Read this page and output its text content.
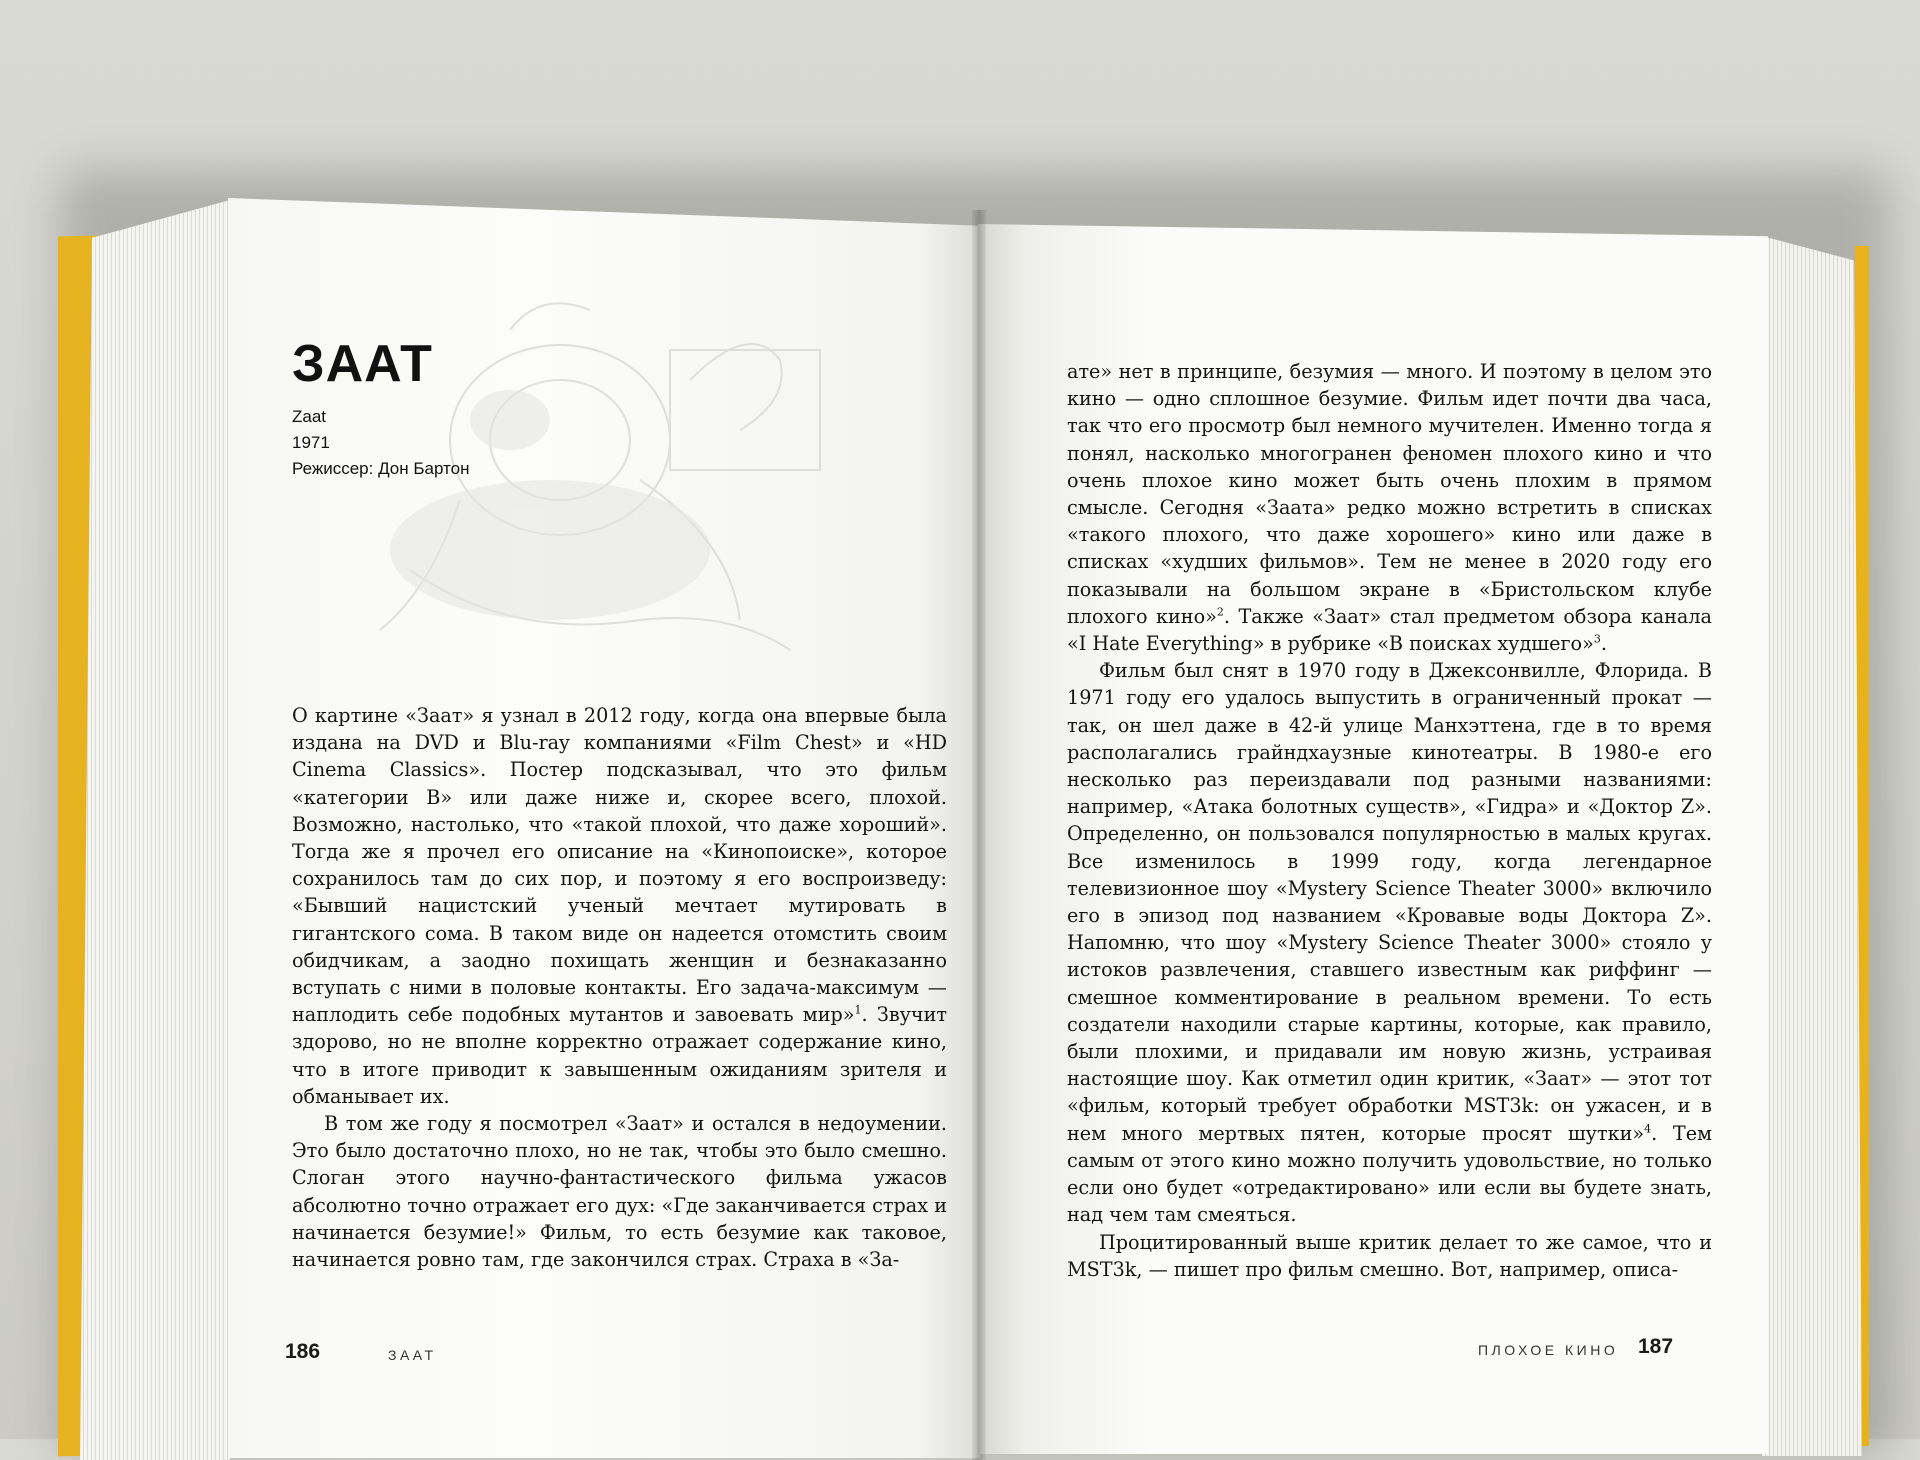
ЗААТ
Zaat
1971
Режиссер: Дон Бартон

О картине «Заат» я узнал в 2012 году, когда она впервые была издана на DVD и Blu-ray компаниями «Film Chest» и «HD Cinema Classics». Постер подсказывал, что это фильм «категории B» или даже ниже и, скорее всего, плохой. Возможно, настолько, что «такой плохой, что даже хороший». Тогда же я прочел его описание на «Кинопоиске», которое сохранилось там до сих пор, и поэтому я его воспроизведу: «Бывший нацистский ученый мечтает мутировать в гигантского сома. В таком виде он надеется отомстить своим обидчикам, а заодно похищать женщин и безнаказанно вступать с ними в половые контакты. Его задача-максимум — наплодить себе подобных мутантов и завоевать мир»$^1$. Звучит здорово, но не вполне корректно отражает содержание кино, что в итоге приводит к завышенным ожиданиям зрителя и обманывает их.

В том же году я посмотрел «Заат» и остался в недоумении. Это было достаточно плохо, но не так, чтобы это было смешно. Слоган этого научно-фантастического фильма ужасов абсолютно точно отражает его дух: «Где заканчивается страх и начинается безумие!» Фильм, то есть безумие как таковое, начинается ровно там, где закончился страх. Страха в «За-

ате» нет в принципе, безумия — много. И поэтому в целом это кино — одно сплошное безумие. Фильм идет почти два часа, так что его просмотр был немного мучителен. Именно тогда я понял, насколько многогранен феномен плохого кино и что очень плохое кино может быть очень плохим в прямом смысле. Сегодня «Заата» редко можно встретить в списках «такого плохого, что даже хорошего» кино или даже в списках «худших фильмов». Тем не менее в 2020 году его показывали на большом экране в «Бристольском клубе плохого кино»$^2$. Также «Заат» стал предметом обзора канала «I Hate Everything» в рубрике «В поисках худшего»$^3$.

Фильм был снят в 1970 году в Джексонвилле, Флорида. В 1971 году его удалось выпустить в ограниченный прокат — так, он шел даже в 42-й улице Манхэттена, где в то время располагались грайндхаузные кинотеатры. В 1980-е его несколько раз переиздавали под разными названиями: например, «Атака болотных существ», «Гидра» и «Доктор Z». Определенно, он пользовался популярностью в малых кругах. Все изменилось в 1999 году, когда легендарное телевизионное шоу «Mystery Science Theater 3000» включило его в эпизод под названием «Кровавые воды Доктора Z». Напомню, что шоу «Mystery Science Theater 3000» стояло у истоков развлечения, ставшего известным как риффинг — смешное комментирование в реальном времени. То есть создатели находили старые картины, которые, как правило, были плохими, и придавали им новую жизнь, устраивая настоящие шоу. Как отметил один критик, «Заат» — этот тот «фильм, который требует обработки MST3k: он ужасен, и в нем много мертвых пятен, которые просят шутки»$^4$. Тем самым от этого кино можно получить удовольствие, но только если оно будет «отредактировано» или если вы будете знать, над чем там смеяться.

Процитированный выше критик делает то же самое, что и MST3k, — пишет про фильм смешно. Вот, например, описа-

186	ЗААТ	ПЛОХОЕ КИНО 187
